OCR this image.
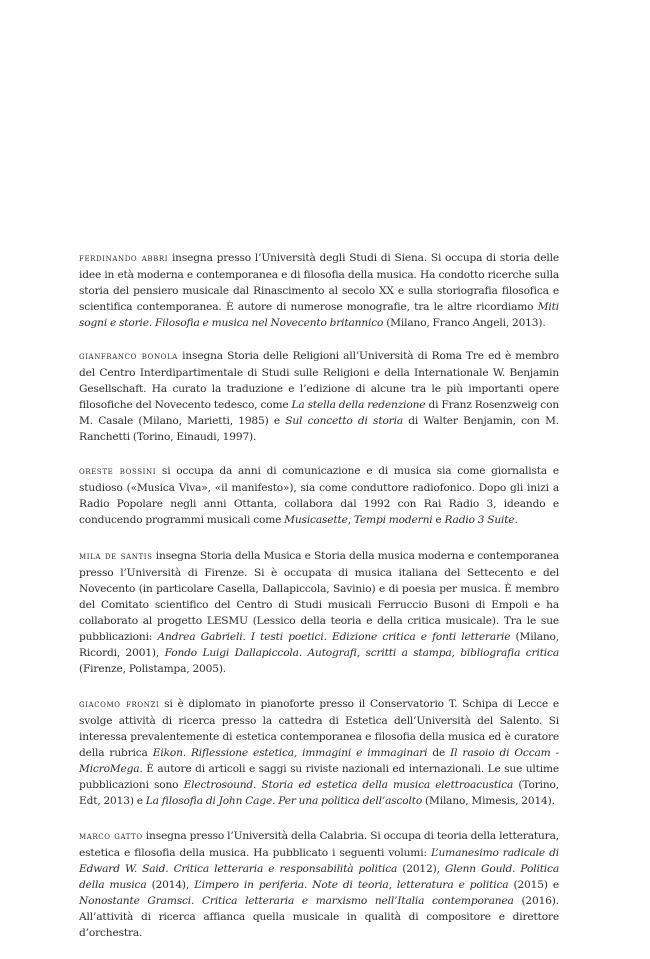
ferdinando abbri insegna presso l’Università degli Studi di Siena. Si occupa di storia delle idee in età moderna e contemporanea e di filosofia della musica. Ha condotto ricerche sulla storia del pensiero musicale dal Rinascimento al secolo XX e sulla storiografia filosofica e scientifica contemporanea. È autore di numerose monografie, tra le altre ricordiamo Miti sogni e storie. Filosofia e musica nel Novecento britannico (Milano, Franco Angeli, 2013).

gianfranco bonola insegna Storia delle Religioni all’Università di Roma Tre ed è membro del Centro Interdipartimentale di Studi sulle Religioni e della Internationale W. Benjamin Gesellschaft. Ha curato la traduzione e l’edizione di alcune tra le più importanti opere filosofiche del Novecento tedesco, come La stella della redenzione di Franz Rosenzweig con M. Casale (Milano, Marietti, 1985) e Sul concetto di storia di Walter Benjamin, con M. Ranchetti (Torino, Einaudi, 1997).

oreste bossini si occupa da anni di comunicazione e di musica sia come giornalista e studioso («Musica Viva», «il manifesto»), sia come conduttore radiofonico. Dopo gli inizi a Radio Popolare negli anni Ottanta, collabora dal 1992 con Rai Radio 3, ideando e conducendo programmi musicali come Musicasette, Tempi moderni e Radio 3 Suite.

mila de santis insegna Storia della Musica e Storia della musica moderna e contemporanea presso l’Università di Firenze. Si è occupata di musica italiana del Settecento e del Novecento (in particolare Casella, Dallapiccola, Savinio) e di poesia per musica. È membro del Comitato scientifico del Centro di Studi musicali Ferruccio Busoni di Empoli e ha collaborato al progetto LESMU (Lessico della teoria e della critica musicale). Tra le sue pubblicazioni: Andrea Gabrieli. I testi poetici. Edizione critica e fonti letterarie (Milano, Ricordi, 2001), Fondo Luigi Dallapiccola. Autografi, scritti a stampa, bibliografia critica (Firenze, Polistampa, 2005).

giacomo fronzi si è diplomato in pianoforte presso il Conservatorio T. Schipa di Lecce e svolge attività di ricerca presso la cattedra di Estetica dell’Università del Salento. Si interessa prevalentemente di estetica contemporanea e filosofia della musica ed è curatore della rubrica Eikon. Riflessione estetica, immagini e immaginari de Il rasoio di Occam - MicroMega. È autore di articoli e saggi su riviste nazionali ed internazionali. Le sue ultime pubblicazioni sono Electrosound. Storia ed estetica della musica elettroacustica (Torino, Edt, 2013) e La filosofia di John Cage. Per una politica dell’ascolto (Milano, Mimesis, 2014).

marco gatto insegna presso l’Università della Calabria. Si occupa di teoria della letteratura, estetica e filosofia della musica. Ha pubblicato i seguenti volumi: L’umanesimo radicale di Edward W. Said. Critica letteraria e responsabilità politica (2012), Glenn Gould. Politica della musica (2014), L’impero in periferia. Note di teoria, letteratura e politica (2015) e Nonostante Gramsci. Critica letteraria e marxismo nell’Italia contemporanea (2016). All’attività di ricerca affianca quella musicale in qualità di compositore e direttore d’orchestra.
